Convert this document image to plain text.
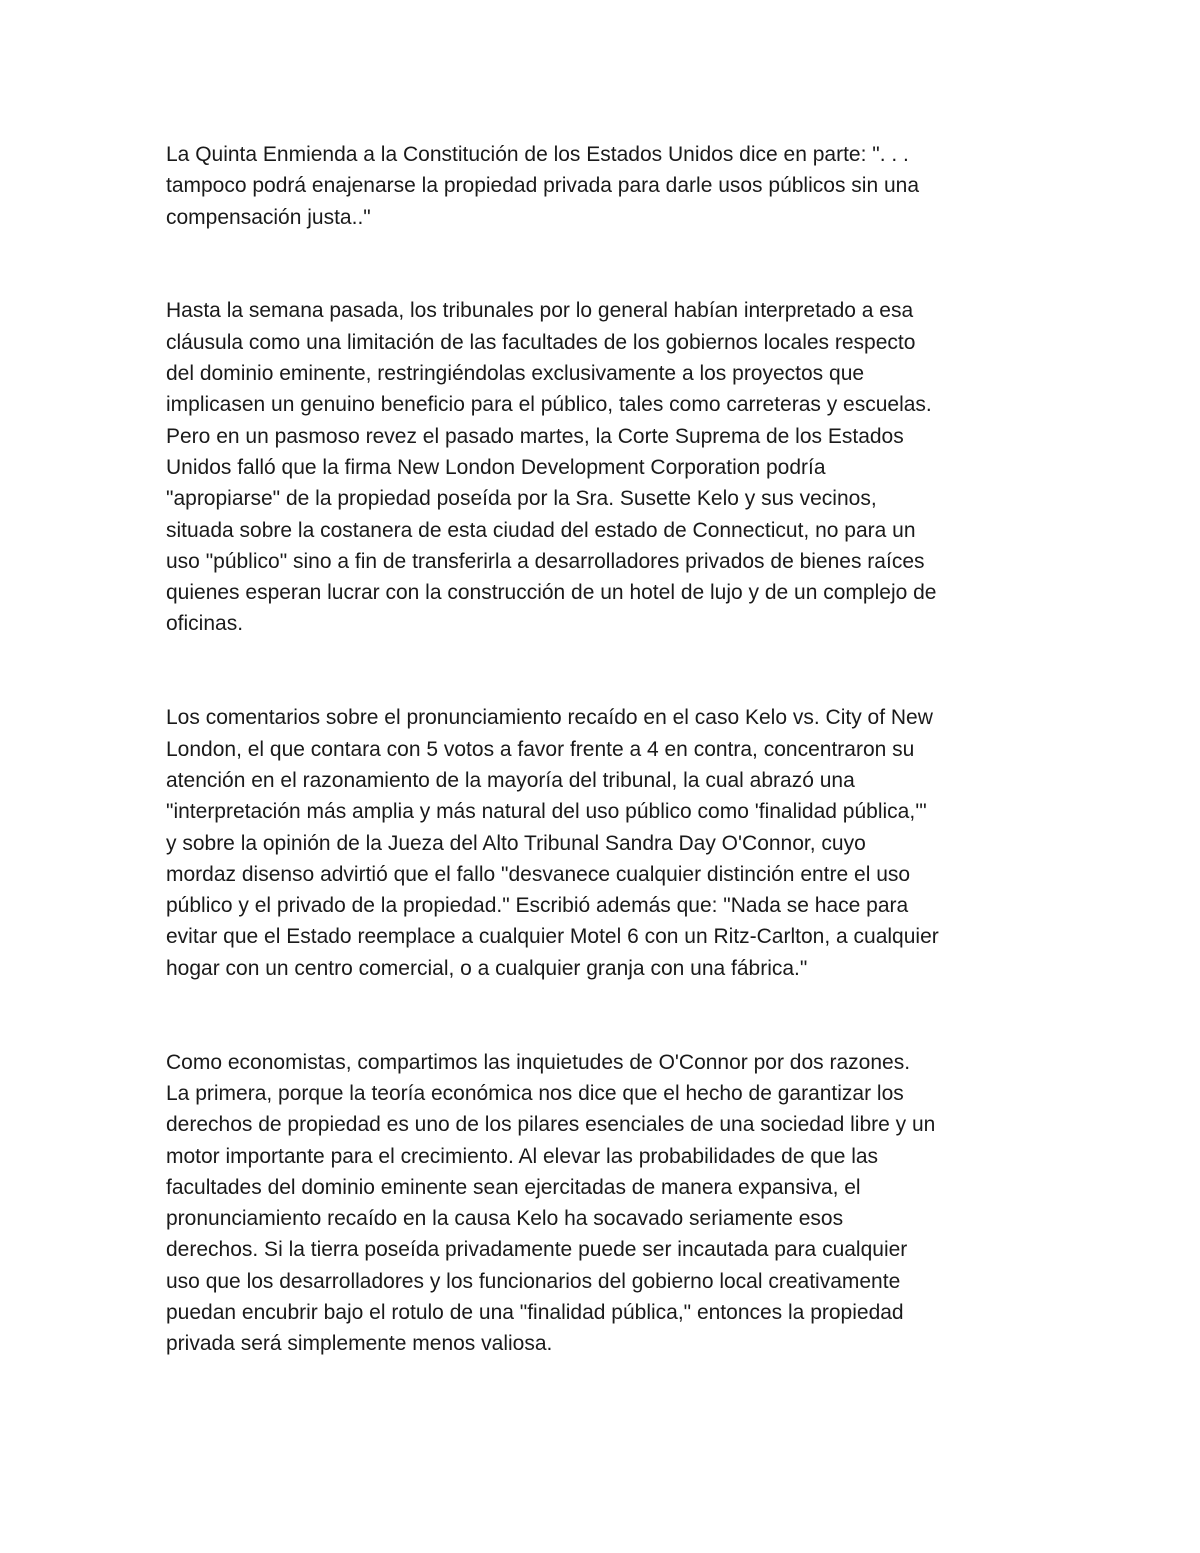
La Quinta Enmienda a la Constitución de los Estados Unidos dice en parte: ". . .
tampoco podrá enajenarse la propiedad privada para darle usos públicos sin una
compensación justa.."

Hasta la semana pasada, los tribunales por lo general habían interpretado a esa
cláusula como una limitación de las facultades de los gobiernos locales respecto
del dominio eminente, restringiéndolas exclusivamente a los proyectos que
implicasen un genuino beneficio para el público, tales como carreteras y escuelas.
Pero en un pasmoso revez el pasado martes, la Corte Suprema de los Estados
Unidos falló que la firma New London Development Corporation podría
"apropiarse" de la propiedad poseída por la Sra. Susette Kelo y sus vecinos,
situada sobre la costanera de esta ciudad del estado de Connecticut, no para un
uso "público" sino a fin de transferirla a desarrolladores privados de bienes raíces
quienes esperan lucrar con la construcción de un hotel de lujo y de un complejo de
oficinas.

Los comentarios sobre el pronunciamiento recaído en el caso Kelo vs. City of New
London, el que contara con 5 votos a favor frente a 4 en contra, concentraron su
atención en el razonamiento de la mayoría del tribunal, la cual abrazó una
"interpretación más amplia y más natural del uso público como 'finalidad pública,'"
y sobre la opinión de la Jueza del Alto Tribunal Sandra Day O'Connor, cuyo
mordaz disenso advirtió que el fallo "desvanece cualquier distinción entre el uso
público y el privado de la propiedad." Escribió además que: "Nada se hace para
evitar que el Estado reemplace a cualquier Motel 6 con un Ritz-Carlton, a cualquier
hogar con un centro comercial, o a cualquier granja con una fábrica."

Como economistas, compartimos las inquietudes de O'Connor por dos razones.
La primera, porque la teoría económica nos dice que el hecho de garantizar los
derechos de propiedad es uno de los pilares esenciales de una sociedad libre y un
motor importante para el crecimiento. Al elevar las probabilidades de que las
facultades del dominio eminente sean ejercitadas de manera expansiva, el
pronunciamiento recaído en la causa Kelo ha socavado seriamente esos
derechos. Si la tierra poseída privadamente puede ser incautada para cualquier
uso que los desarrolladores y los funcionarios del gobierno local creativamente
puedan encubrir bajo el rotulo de una "finalidad pública," entonces la propiedad
privada será simplemente menos valiosa.
